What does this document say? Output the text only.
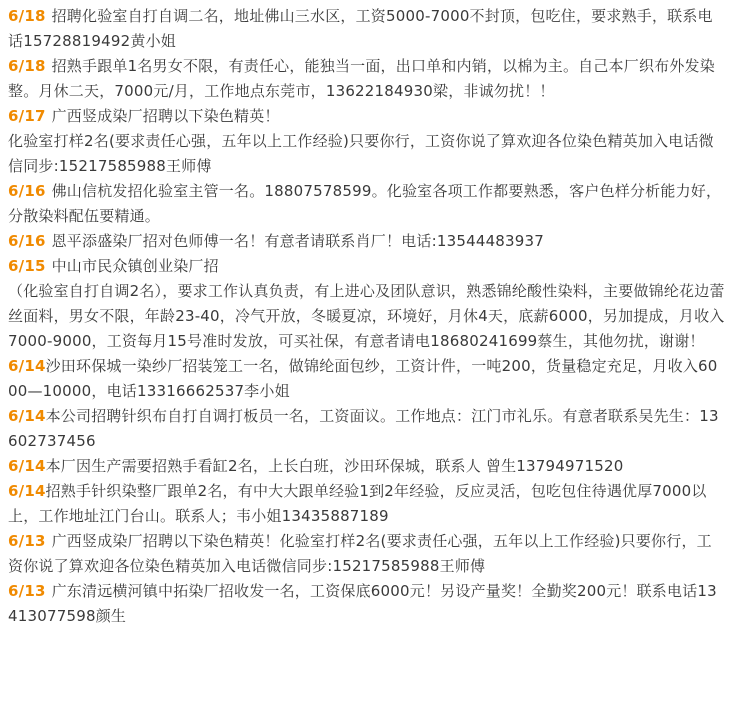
6/18 招聘化验室自打自调二名，地址佛山三水区，工资5000-7000不封顶，包吃住，要求熟手，联系电话15728819492黄小姐

6/18 招熟手跟单1名男女不限，有责任心，能独当一面，出口单和内销，以棉为主。自己本厂织布外发染整。月休二天，7000元/月，工作地点东莞市，13622184930梁，非诚勿扰！！

6/17 广西竖成染厂招聘以下染色精英！
化验室打样2名(要求责任心强，五年以上工作经验)只要你行，工资你说了算欢迎各位染色精英加入电话微信同步:15217585988王师傅

6/16 佛山信杭发招化验室主管一名。18807578599。化验室各项工作都要熟悉，客户色样分析能力好，分散染料配伍要精通。

6/16 恩平添盛染厂招对色师傅一名！有意者请联系肖厂！电话:13544483937

6/15 中山市民众镇创业染厂招
（化验室自打自调2名），要求工作认真负责，有上进心及团队意识，熟悉锦纶酸性染料，主要做锦纶花边蕾丝面料，男女不限，年龄23-40，冷气开放，冬暖夏凉，环境好，月休4天，底薪6000，另加提成，月收入7000-9000，工资每月15号准时发放，可买社保，有意者请电18680241699蔡生，其他勿扰，谢谢！

6/14沙田环保城一染纱厂招装笼工一名，做锦纶面包纱，工资计件，一吨200，货量稳定充足，月收入6000—10000，电话13316662537李小姐

6/14本公司招聘针织布自打自调打板员一名，工资面议。工作地点：江门市礼乐。有意者联系吴先生：13602737456

6/14本厂因生产需要招熟手看缸2名，上长白班，沙田环保城，联系人 曾生13794971520

6/14招熟手针织染整厂跟单2名，有中大大跟单经验1到2年经验，反应灵活，包吃包住待遇优厚7000以上，工作地址江门台山。联系人；韦小姐13435887189

6/13 广西竖成染厂招聘以下染色精英！化验室打样2名(要求责任心强，五年以上工作经验)只要你行，工资你说了算欢迎各位染色精英加入电话微信同步:15217585988王师傅

6/13 广东清远横河镇中拓染厂招收发一名，工资保底6000元！另设产量奖！全勤奖200元！联系电话13413077598颜生
